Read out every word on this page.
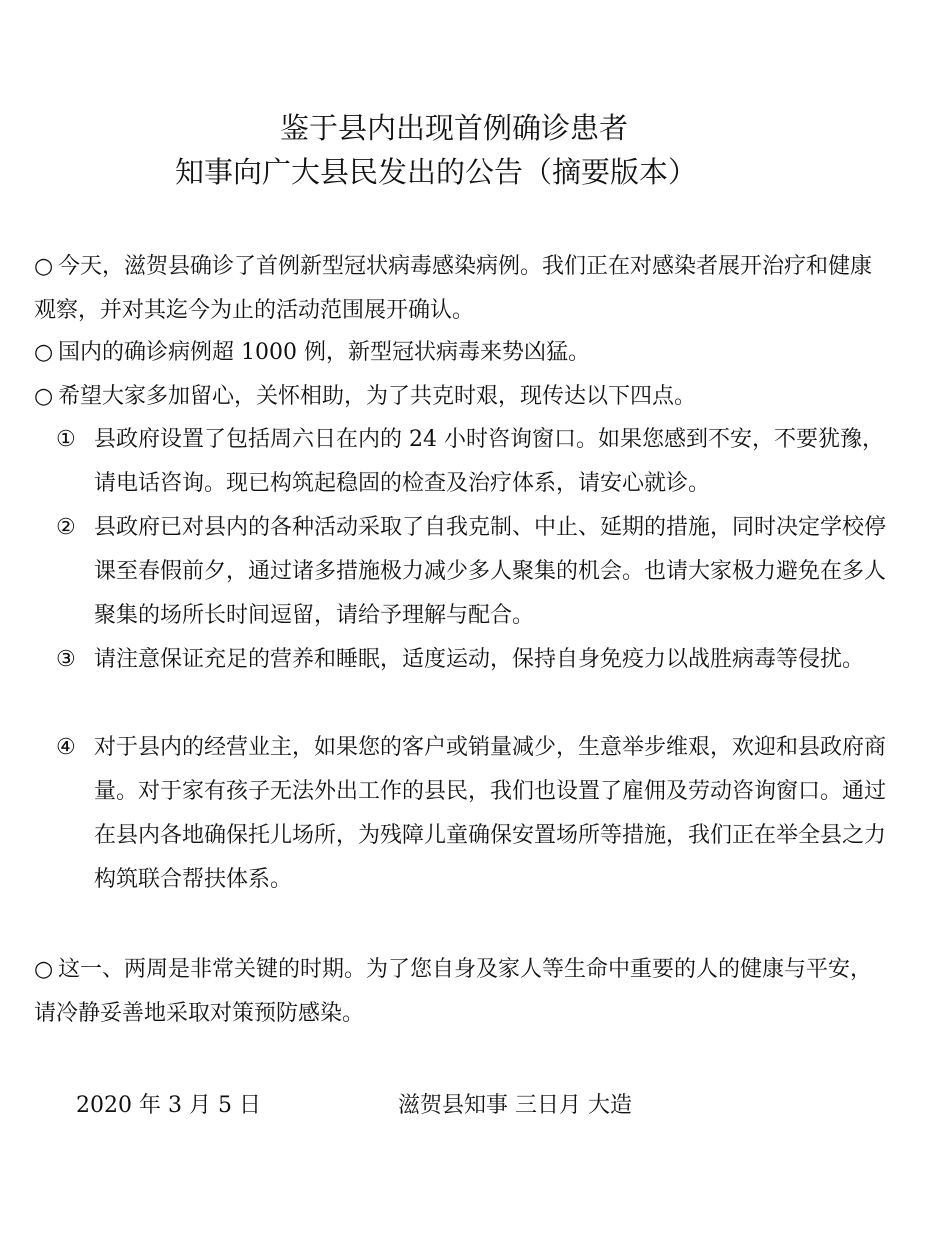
鉴于县内出现首例确诊患者
知事向广大县民发出的公告（摘要版本）
○ 今天，滋贺县确诊了首例新型冠状病毒感染病例。我们正在对感染者展开治疗和健康观察，并对其迄今为止的活动范围展开确认。
○ 国内的确诊病例超 1000 例，新型冠状病毒来势凶猛。
○ 希望大家多加留心，关怀相助，为了共克时艰，现传达以下四点。
① 县政府设置了包括周六日在内的 24 小时咨询窗口。如果您感到不安，不要犹豫，请电话咨询。现已构筑起稳固的检查及治疗体系，请安心就诊。
② 县政府已对县内的各种活动采取了自我克制、中止、延期的措施，同时决定学校停课至春假前夕，通过诸多措施极力减少多人聚集的机会。也请大家极力避免在多人聚集的场所长时间逗留，请给予理解与配合。
③ 请注意保证充足的营养和睡眠，适度运动，保持自身免疫力以战胜病毒等侵扰。
④ 对于县内的经营业主，如果您的客户或销量减少，生意举步维艰，欢迎和县政府商量。对于家有孩子无法外出工作的县民，我们也设置了雇佣及劳动咨询窗口。通过在县内各地确保托儿场所，为残障儿童确保安置场所等措施，我们正在举全县之力构筑联合帮扶体系。
○ 这一、两周是非常关键的时期。为了您自身及家人等生命中重要的人的健康与平安，请冷静妥善地采取对策预防感染。
2020 年 3 月 5 日	滋贺县知事 三日月 大造
